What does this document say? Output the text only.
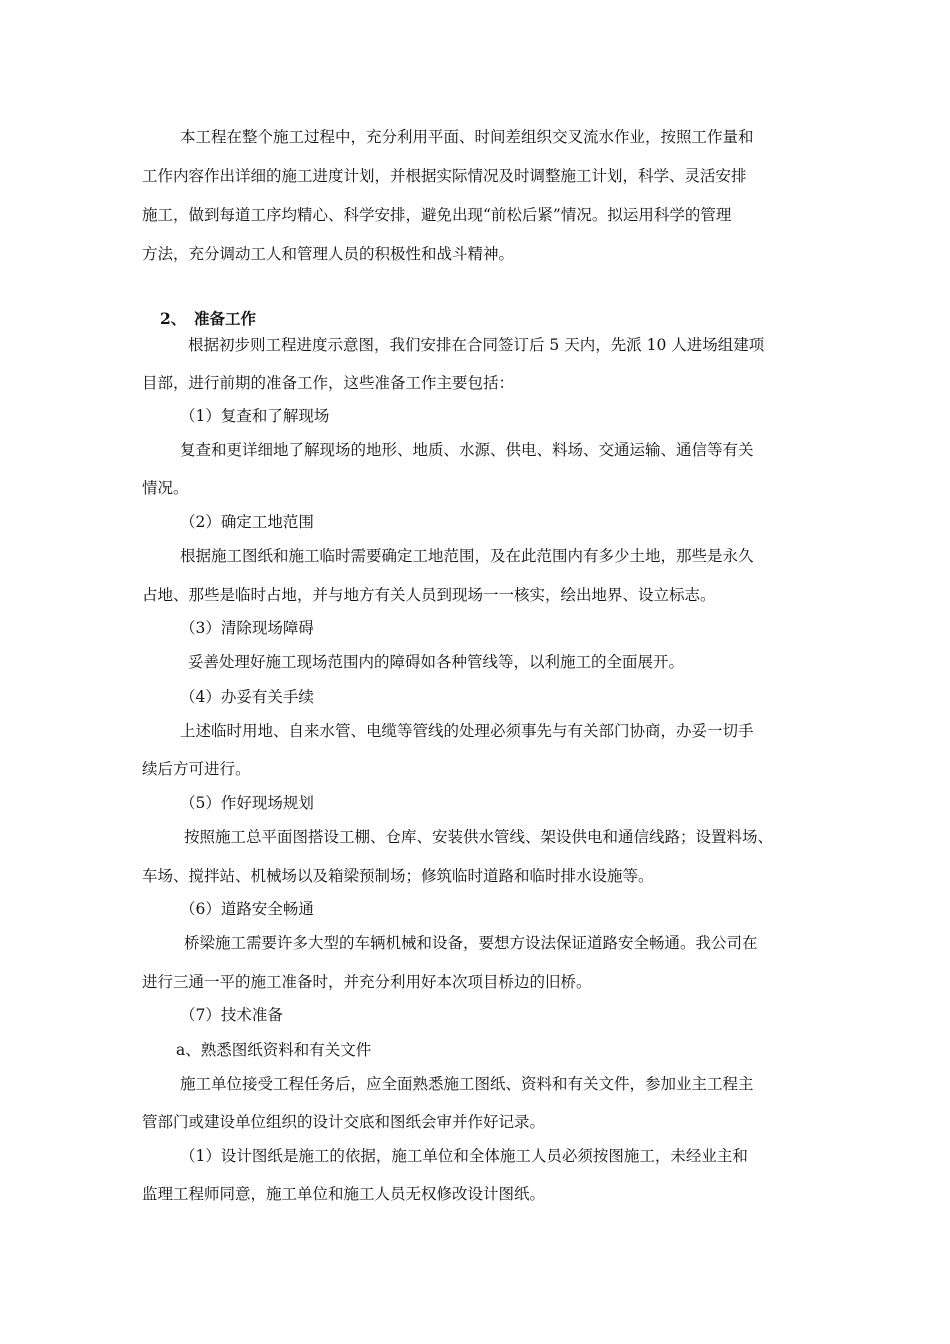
本工程在整个施工过程中，充分利用平面、时间差组织交叉流水作业，按照工作量和
工作内容作出详细的施工进度计划，并根据实际情况及时调整施工计划，科学、灵活安排
施工，做到每道工序均精心、科学安排，避免出现“前松后紧”情况。拟运用科学的管理
方法，充分调动工人和管理人员的积极性和战斗精神。
2、 准备工作
根据初步则工程进度示意图，我们安排在合同签订后 5 天内，先派 10 人进场组建项
目部，进行前期的准备工作，这些准备工作主要包括：
（1）复查和了解现场
复查和更详细地了解现场的地形、地质、水源、供电、料场、交通运输、通信等有关
情况。
（2）确定工地范围
根据施工图纸和施工临时需要确定工地范围，及在此范围内有多少土地，那些是永久
占地、那些是临时占地，并与地方有关人员到现场一一核实，绘出地界、设立标志。
（3）清除现场障碍
妥善处理好施工现场范围内的障碍如各种管线等，以利施工的全面展开。
（4）办妥有关手续
上述临时用地、自来水管、电缆等管线的处理必须事先与有关部门协商，办妥一切手
续后方可进行。
（5）作好现场规划
按照施工总平面图搭设工棚、仓库、安装供水管线、架设供电和通信线路；设置料场、
车场、搅拌站、机械场以及箱梁预制场；修筑临时道路和临时排水设施等。
（6）道路安全畅通
桥梁施工需要许多大型的车辆机械和设备，要想方设法保证道路安全畅通。我公司在
进行三通一平的施工准备时，并充分利用好本次项目桥边的旧桥。
（7）技术准备
a、熟悉图纸资料和有关文件
施工单位接受工程任务后，应全面熟悉施工图纸、资料和有关文件，参加业主工程主
管部门或建设单位组织的设计交底和图纸会审并作好记录。
（1）设计图纸是施工的依据，施工单位和全体施工人员必须按图施工，未经业主和
监理工程师同意，施工单位和施工人员无权修改设计图纸。
